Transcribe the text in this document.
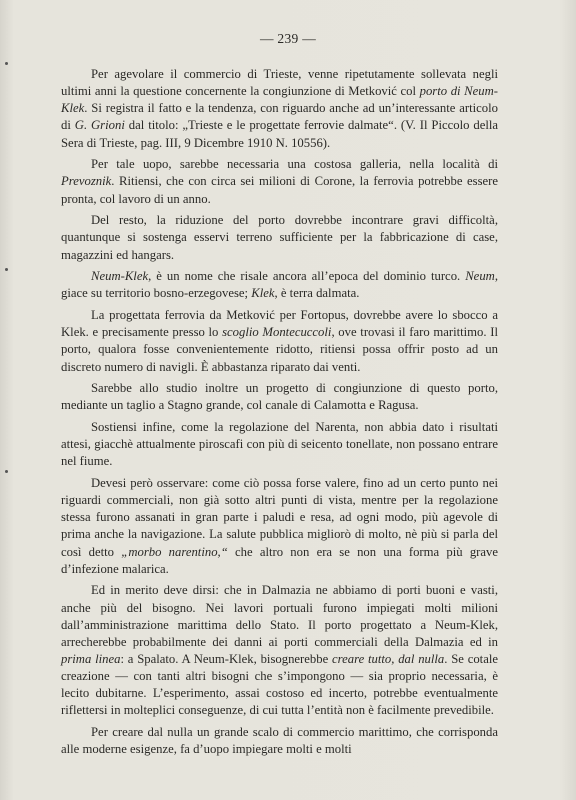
— 239 —

Per agevolare il commercio di Trieste, venne ripetutamente sollevata negli ultimi anni la questione concernente la congiunzione di Metković col porto di Neum-Klek. Si registra il fatto e la tendenza, con riguardo anche ad un’interessante articolo di G. Grioni dal titolo: „Trieste e le progettate ferrovie dalmate“. (V. Il Piccolo della Sera di Trieste, pag. III, 9 Dicembre 1910 N. 10556).

Per tale uopo, sarebbe necessaria una costosa galleria, nella località di Prevoznik. Ritiensi, che con circa sei milioni di Corone, la ferrovia potrebbe essere pronta, col lavoro di un anno.

Del resto, la riduzione del porto dovrebbe incontrare gravi difficoltà, quantunque si sostenga esservi terreno sufficiente per la fabbricazione di case, magazzini ed hangars.

Neum-Klek, è un nome che risale ancora all’epoca del dominio turco. Neum, giace su territorio bosno-erzegovese; Klek, è terra dalmata.

La progettata ferrovia da Metković per Fortopus, dovrebbe avere lo sbocco a Klek. e precisamente presso lo scoglio Montecuccoli, ove trovasi il faro marittimo. Il porto, qualora fosse convenientemente ridotto, ritiensi possa offrir posto ad un discreto numero di navigli. È abbastanza riparato dai venti.

Sarebbe allo studio inoltre un progetto di congiunzione di questo porto, mediante un taglio a Stagno grande, col canale di Calamotta e Ragusa.

Sostiensi infine, come la regolazione del Narenta, non abbia dato i risultati attesi, giacchè attualmente piroscafi con più di seicento tonellate, non possano entrare nel fiume.

Devesi però osservare: come ciò possa forse valere, fino ad un certo punto nei riguardi commerciali, non già sotto altri punti di vista, mentre per la regolazione stessa furono assanati in gran parte i paludi e resa, ad ogni modo, più agevole di prima anche la navigazione. La salute pubblica migliorò di molto, nè più si parla del così detto „morbo narentino,“ che altro non era se non una forma più grave d’infezione malarica.

Ed in merito deve dirsi: che in Dalmazia ne abbiamo di porti buoni e vasti, anche più del bisogno. Nei lavori portuali furono impiegati molti milioni dall’amministrazione marittima dello Stato. Il porto progettato a Neum-Klek, arrecherebbe probabilmente dei danni ai porti commerciali della Dalmazia ed in prima linea: a Spalato. A Neum-Klek, bisognerebbe creare tutto, dal nulla. Se cotale creazione — con tanti altri bisogni che s’impongono — sia proprio necessaria, è lecito dubitarne. L’esperimento, assai costoso ed incerto, potrebbe eventualmente riflettersi in molteplici conseguenze, di cui tutta l’entità non è facilmente prevedibile.

Per creare dal nulla un grande scalo di commercio marittimo, che corrisponda alle moderne esigenze, fa d’uopo impiegare molti e molti
